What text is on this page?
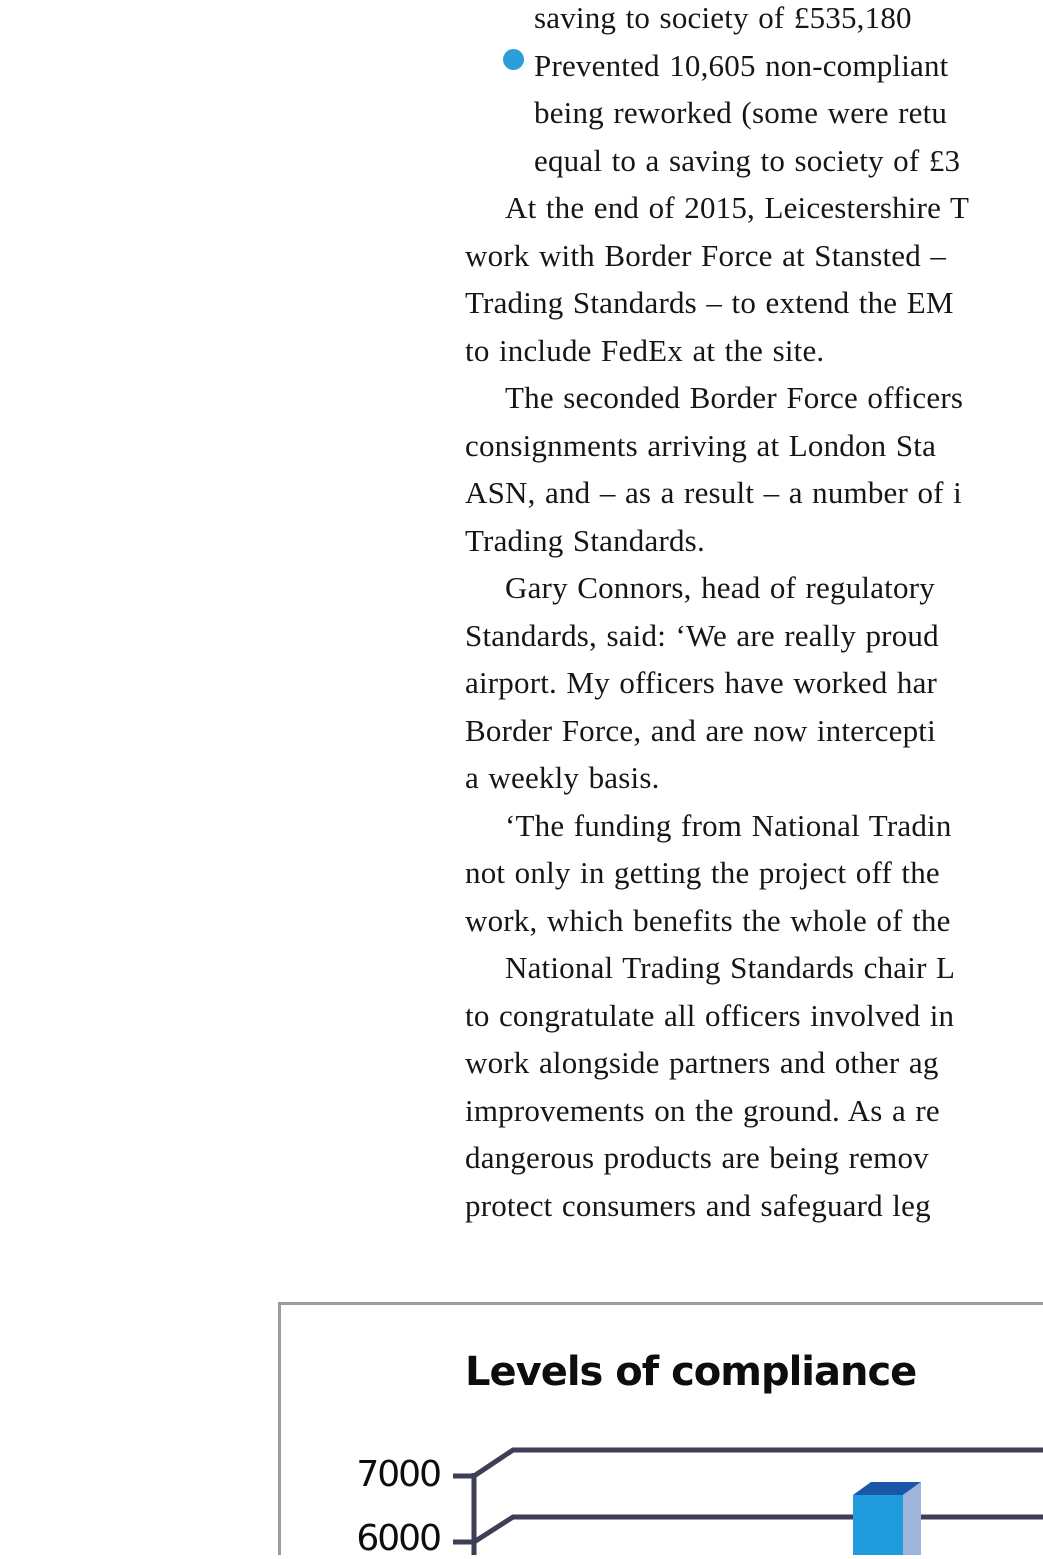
saving to society of £535,180
Prevented 10,605 non-compliant
being reworked (some were retu
equal to a saving to society of £3
At the end of 2015, Leicestershire T
work with Border Force at Stansted –
Trading Standards – to extend the EM
to include FedEx at the site.
The seconded Border Force officers
consignments arriving at London Sta
ASN, and – as a result – a number of i
Trading Standards.
Gary Connors, head of regulatory
Standards, said: ‘We are really proud
airport. My officers have worked har
Border Force, and are now intercepti
a weekly basis.
‘The funding from National Tradin
not only in getting the project off the
work, which benefits the whole of the
National Trading Standards chair L
to congratulate all officers involved in
work alongside partners and other ag
improvements on the ground. As a re
dangerous products are being remov
protect consumers and safeguard leg
Levels of compliance
7000
6000
